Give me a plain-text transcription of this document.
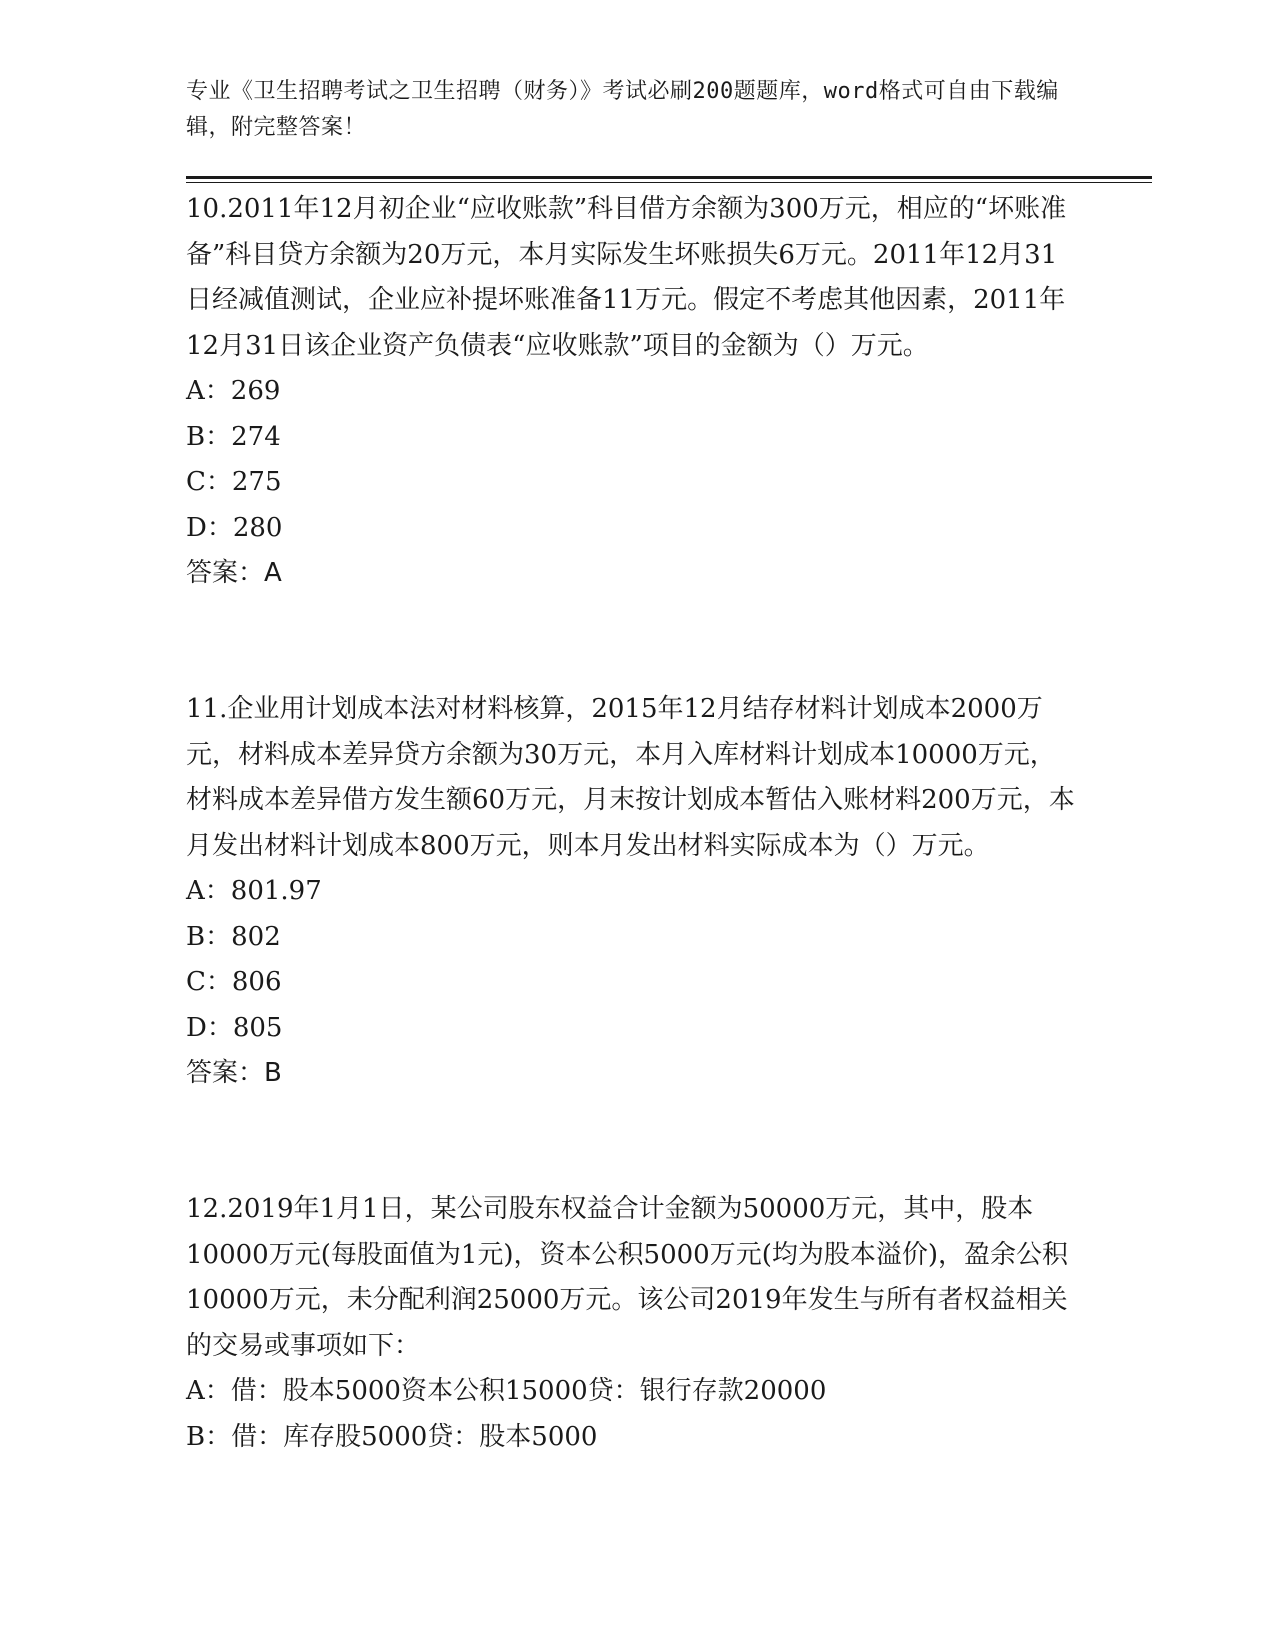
专业《卫生招聘考试之卫生招聘（财务）》考试必刷200题题库，word格式可自由下载编辑，附完整答案！

10.2011年12月初企业“应收账款”科目借方余额为300万元，相应的“坏账准备”科目贷方余额为20万元，本月实际发生坏账损失6万元。2011年12月31日经减值测试，企业应补提坏账准备11万元。假定不考虑其他因素，2011年12月31日该企业资产负债表“应收账款”项目的金额为（）万元。

A：269

B：274

C：275

D：280

答案：A

11.企业用计划成本法对材料核算，2015年12月结存材料计划成本2000万元，材料成本差异贷方余额为30万元，本月入库材料计划成本10000万元，材料成本差异借方发生额60万元，月末按计划成本暂估入账材料200万元，本月发出材料计划成本800万元，则本月发出材料实际成本为（）万元。

A：801.97

B：802

C：806

D：805

答案：B

12.2019年1月1日，某公司股东权益合计金额为50000万元，其中，股本10000万元(每股面值为1元)，资本公积5000万元(均为股本溢价)，盈余公积10000万元，未分配利润25000万元。该公司2019年发生与所有者权益相关的交易或事项如下：

A：借：股本5000资本公积15000贷：银行存款20000

B：借：库存股5000贷：股本5000
